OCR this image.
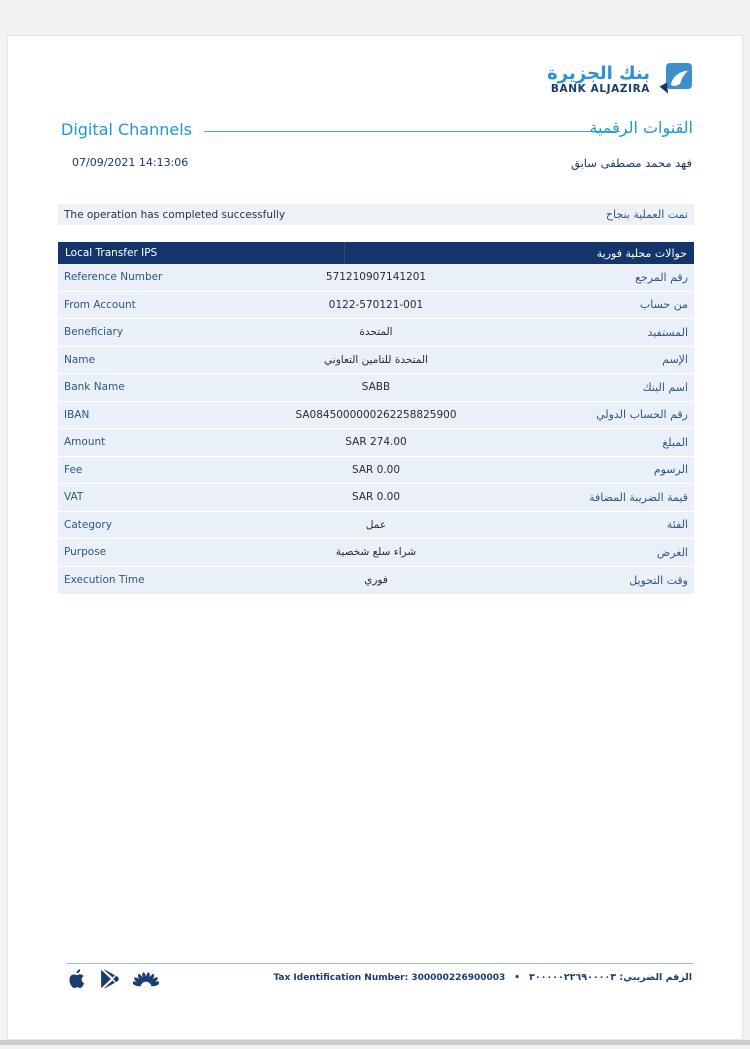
بنك الجزيرة
BANK ALJAZIRA
Digital Channels	القنوات الرقمية
07/09/2021 14:13:06	فهد محمد مصطفى سابق
The operation has completed successfully	تمت العملية بنجاح
Local Transfer IPS	حوالات محلية فورية
Reference Number	571210907141201	رقم المرجع
From Account	0122-570121-001	من حساب
Beneficiary	المتحدة	المستفيد
Name	المتحدة للتامين التعاوني	الإسم
Bank Name	SABB	اسم البنك
IBAN	SA0845000000262258825900	رقم الحساب الدولي
Amount	SAR 274.00	المبلغ
Fee	SAR 0.00	الرسوم
VAT	SAR 0.00	قيمة الضريبة المضافة
Category	عمل	الفئة
Purpose	شراء سلع شخصية	الغرض
Execution Time	فوري	وقت التحويل
Tax Identification Number: 300000226900003 • الرقم الضريبي: ٣٠٠٠٠٠٢٢٦٩٠٠٠٠٣
